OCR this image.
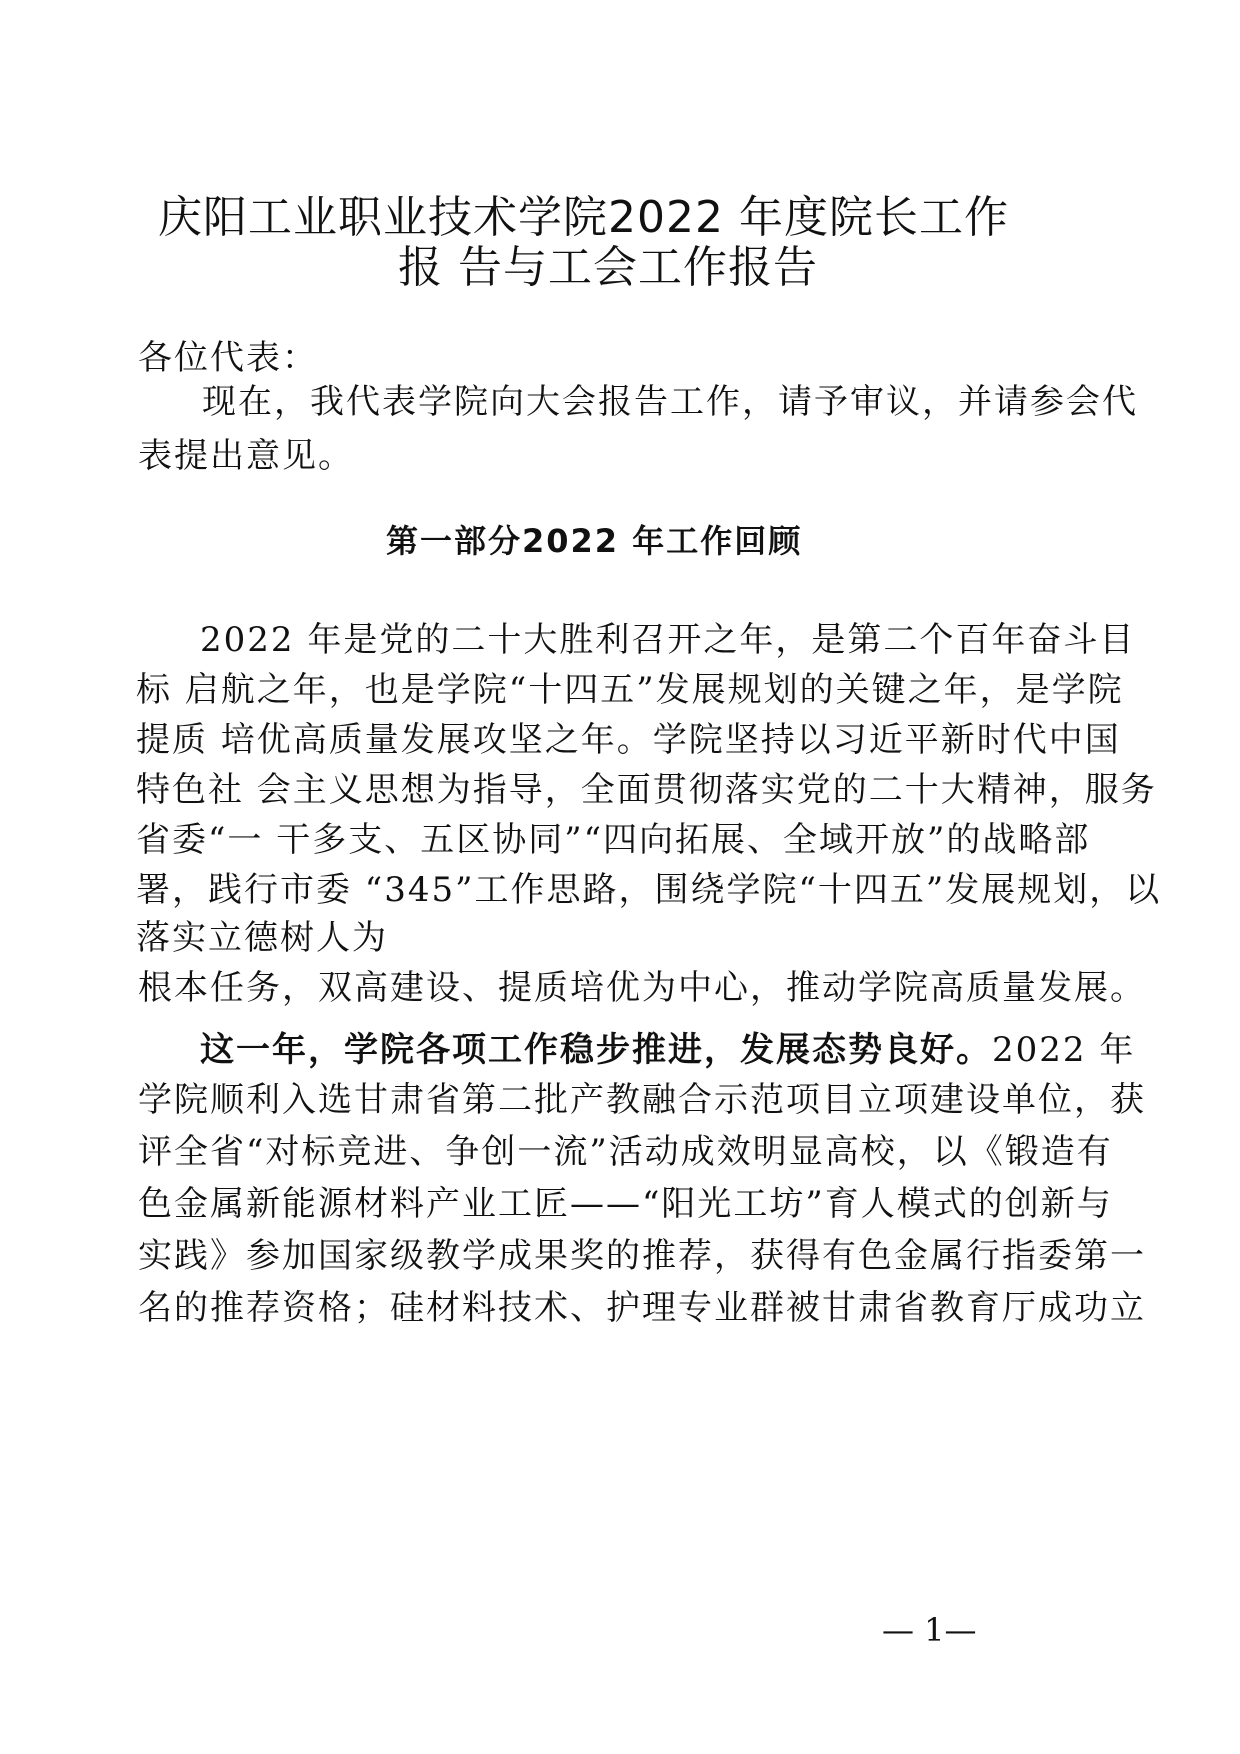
庆阳工业职业技术学院2022 年度院长工作
报 告与工会工作报告
各位代表：
现在，我代表学院向大会报告工作，请予审议，并请参会代
表提出意见。
第一部分2022 年工作回顾
2022 年是党的二十大胜利召开之年，是第二个百年奋斗目
标 启航之年，也是学院“十四五”发展规划的关键之年，是学院
提质 培优高质量发展攻坚之年。学院坚持以习近平新时代中国
特色社 会主义思想为指导，全面贯彻落实党的二十大精神，服务
省委“一 干多支、五区协同”“四向拓展、全域开放”的战略部
署，践行市委 “345”工作思路，围绕学院“十四五”发展规划，以
落实立德树人为
根本任务，双高建设、提质培优为中心，推动学院高质量发展。
这一年，学院各项工作稳步推进，发展态势良好。2022 年
学院顺利入选甘肃省第二批产教融合示范项目立项建设单位，获
评全省“对标竞进、争创一流”活动成效明显高校，以《锻造有
色金属新能源材料产业工匠——“阳光工坊”育人模式的创新与
实践》参加国家级教学成果奖的推荐，获得有色金属行指委第一
名的推荐资格；硅材料技术、护理专业群被甘肃省教育厅成功立
— 1—
